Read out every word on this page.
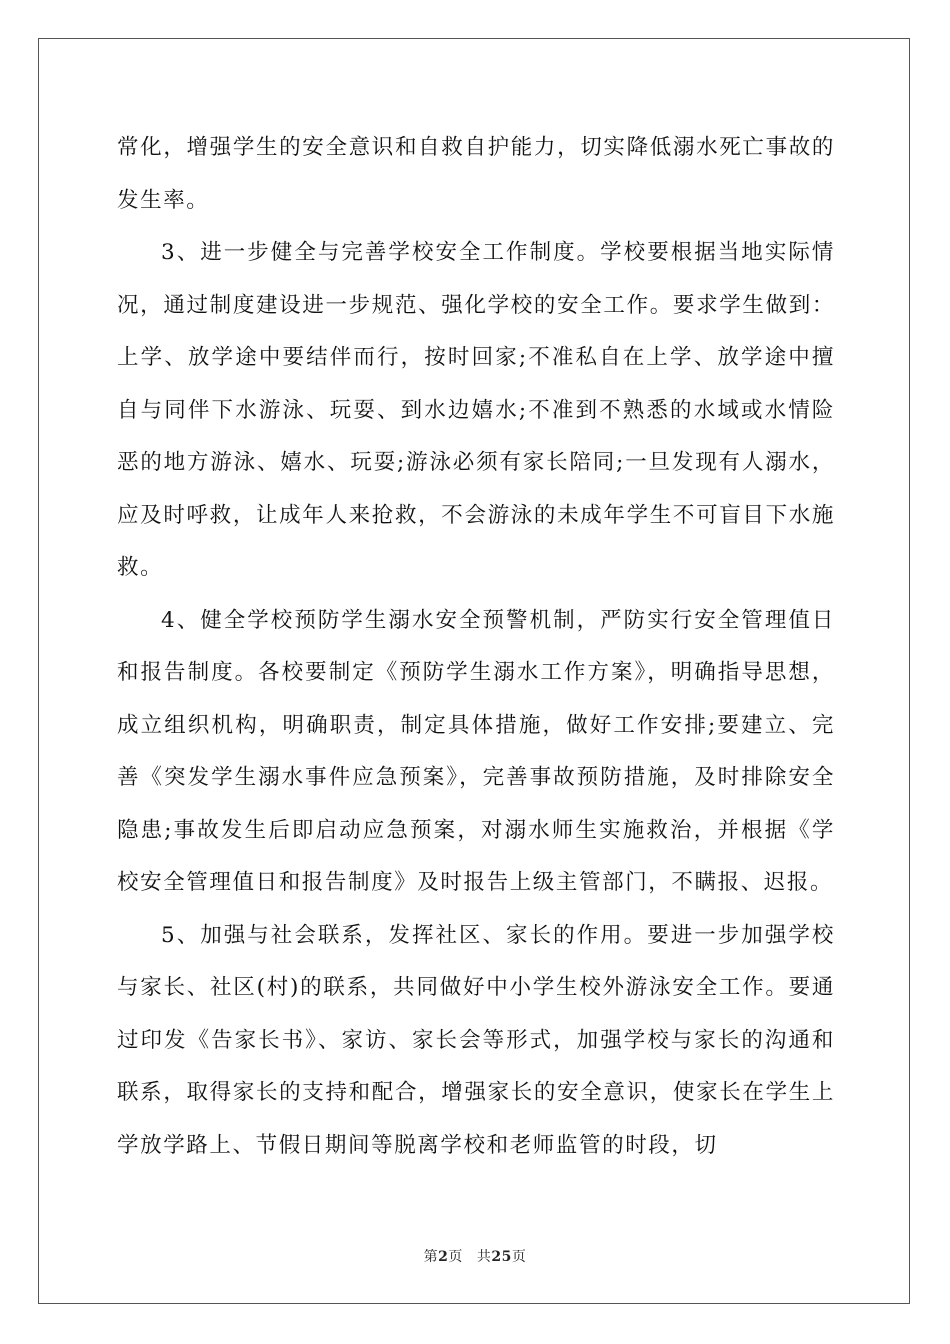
常化，增强学生的安全意识和自救自护能力，切实降低溺水死亡事故的发生率。

3、进一步健全与完善学校安全工作制度。学校要根据当地实际情况，通过制度建设进一步规范、强化学校的安全工作。要求学生做到：上学、放学途中要结伴而行，按时回家;不准私自在上学、放学途中擅自与同伴下水游泳、玩耍、到水边嬉水;不准到不熟悉的水域或水情险恶的地方游泳、嬉水、玩耍;游泳必须有家长陪同;一旦发现有人溺水，应及时呼救，让成年人来抢救，不会游泳的未成年学生不可盲目下水施救。

4、健全学校预防学生溺水安全预警机制，严防实行安全管理值日和报告制度。各校要制定《预防学生溺水工作方案》，明确指导思想，成立组织机构，明确职责，制定具体措施，做好工作安排;要建立、完善《突发学生溺水事件应急预案》，完善事故预防措施，及时排除安全隐患;事故发生后即启动应急预案，对溺水师生实施救治，并根据《学校安全管理值日和报告制度》及时报告上级主管部门，不瞒报、迟报。

5、加强与社会联系，发挥社区、家长的作用。要进一步加强学校与家长、社区(村)的联系，共同做好中小学生校外游泳安全工作。要通过印发《告家长书》、家访、家长会等形式，加强学校与家长的沟通和联系，取得家长的支持和配合，增强家长的安全意识，使家长在学生上学放学路上、节假日期间等脱离学校和老师监管的时段，切

第2页 共25页
